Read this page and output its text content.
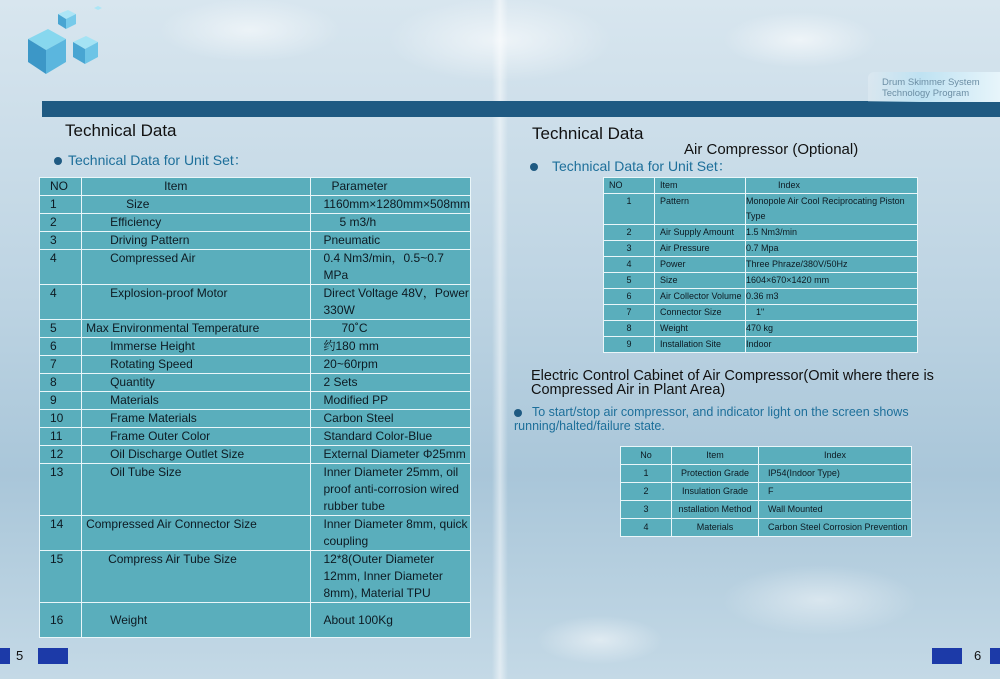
Drum Skimmer System
Technology Program
Technical Data
Technical Data for Unit Set：
NO	Item	Parameter
1	Size	1160mm×1280mm×508mm
2	Efficiency	5 m3/h
3	Driving Pattern	Pneumatic
4	Compressed Air	0.4 Nm3/min，0.5~0.7 MPa
4	Explosion-proof Motor	Direct Voltage 48V，Power 330W
5	Max Environmental Temperature	70˚C
6	Immerse Height	约180 mm
7	Rotating Speed	20~60rpm
8	Quantity	2 Sets
9	Materials	Modified PP
10	Frame Materials	Carbon Steel
11	Frame Outer Color	Standard Color-Blue
12	Oil Discharge Outlet Size	External Diameter Φ25mm
13	Oil Tube Size	Inner Diameter 25mm, oil proof anti-corrosion wired rubber tube
14	Compressed Air Connector Size	Inner Diameter 8mm, quick coupling
15	Compress Air Tube Size	12*8(Outer Diameter 12mm, Inner Diameter 8mm), Material TPU
16	Weight	About 100Kg
Technical Data
Air Compressor (Optional)
Technical Data for Unit Set：
NO	Item	Index
1	Pattern	Monopole Air Cool Reciprocating Piston Type
2	Air Supply Amount	1.5 Nm3/min
3	Air Pressure	0.7 Mpa
4	Power	Three Phraze/380V/50Hz
5	Size	1604×670×1420 mm
6	Air Collector Volume	0.36 m3
7	Connector Size	1"
8	Weight	470 kg
9	Installation Site	Indoor
Electric Control Cabinet of Air Compressor(Omit where there is Compressed Air in Plant Area)
To start/stop air compressor, and indicator light on the screen shows running/halted/failure state.
No	Item	Index
1	Protection Grade	IP54(Indoor Type)
2	Insulation Grade	F
3	nstallation Method	Wall Mounted
4	Materials	Carbon Steel Corrosion Prevention
5	6
